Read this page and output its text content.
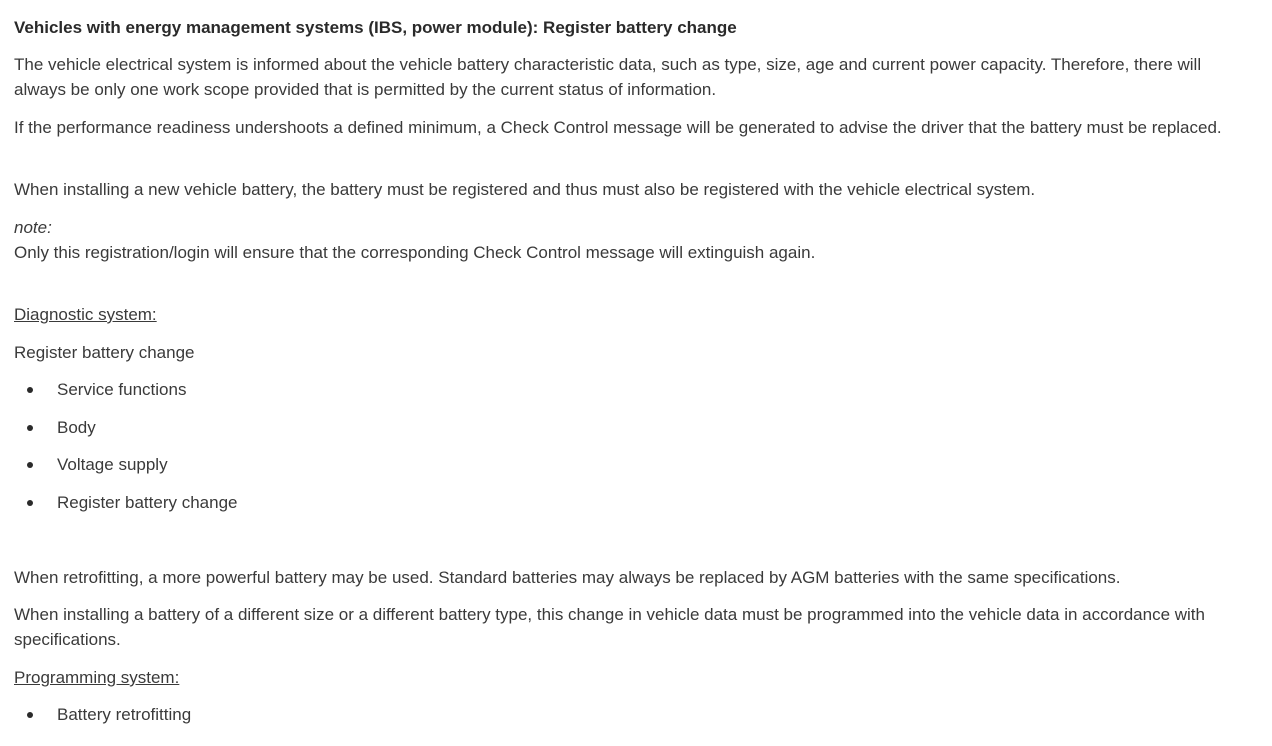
Vehicles with energy management systems (IBS, power module): Register battery change

The vehicle electrical system is informed about the vehicle battery characteristic data, such as type, size, age and current power capacity. Therefore, there will always be only one work scope provided that is permitted by the current status of information.

If the performance readiness undershoots a defined minimum, a Check Control message will be generated to advise the driver that the battery must be replaced.

When installing a new vehicle battery, the battery must be registered and thus must also be registered with the vehicle electrical system.

note:
Only this registration/login will ensure that the corresponding Check Control message will extinguish again.
Diagnostic system:
Register battery change
Service functions
Body
Voltage supply
Register battery change

When retrofitting, a more powerful battery may be used. Standard batteries may always be replaced by AGM batteries with the same specifications.

When installing a battery of a different size or a different battery type, this change in vehicle data must be programmed into the vehicle data in accordance with specifications.

Programming system:
Battery retrofitting
